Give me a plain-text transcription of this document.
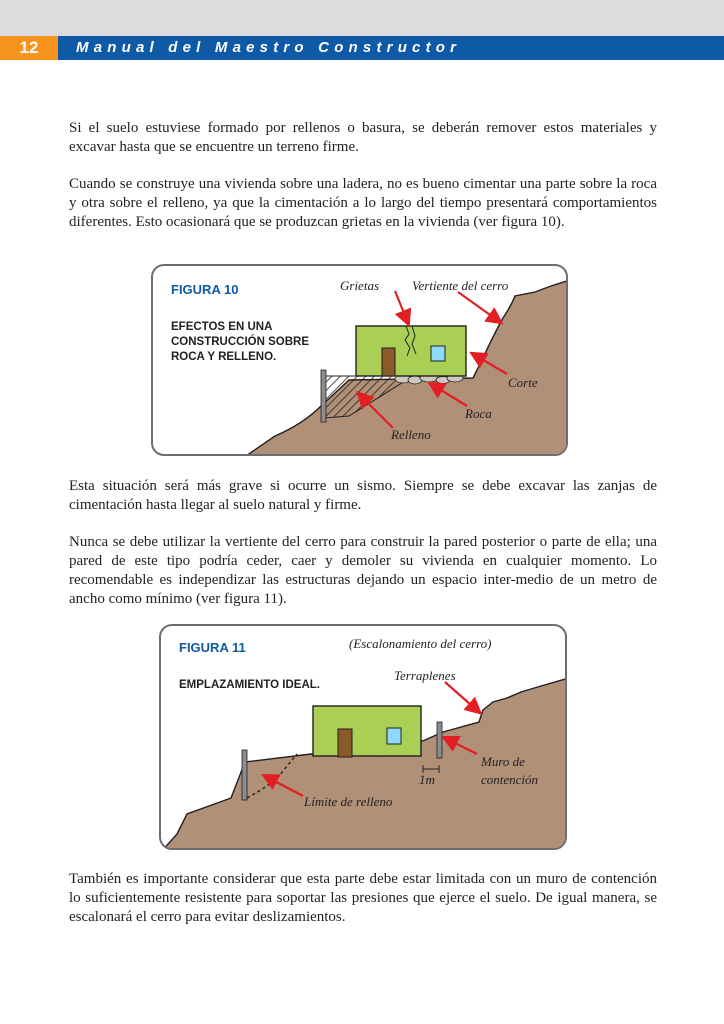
12	Manual del Maestro Constructor

Si el suelo estuviese formado por rellenos o basura, se deberán remover estos materiales y excavar hasta que se encuentre un terreno firme.

Cuando se construye una vivienda sobre una ladera, no es bueno cimentar una parte sobre la roca y otra sobre el relleno, ya que la cimentación a lo largo del tiempo presentará comportamientos diferentes. Esto ocasionará que se produzcan grietas en la vivienda (ver figura 10).

FIGURA 10
EFECTOS EN UNA
CONSTRUCCIÓN SOBRE
ROCA Y RELLENO.
Grietas	Vertiente del cerro
Corte
Roca
Relleno

Esta situación será más grave si ocurre un sismo. Siempre se debe excavar las zanjas de cimentación hasta llegar al suelo natural y firme.

Nunca se debe utilizar la vertiente del cerro para construir la pared posterior o parte de ella; una pared de este tipo podría ceder, caer y demoler su vivienda en cualquier momento. Lo recomendable es independizar las estructuras dejando un espacio inter-medio de un metro de ancho como mínimo (ver figura 11).

FIGURA 11
EMPLAZAMIENTO IDEAL.
(Escalonamiento del cerro)
Terraplenes
Muro de
contención
1m
Límite de relleno

También es importante considerar que esta parte debe estar limitada con un muro de contención lo suficientemente resistente para soportar las presiones que ejerce el suelo. De igual manera, se escalonará el cerro para evitar deslizamientos.
